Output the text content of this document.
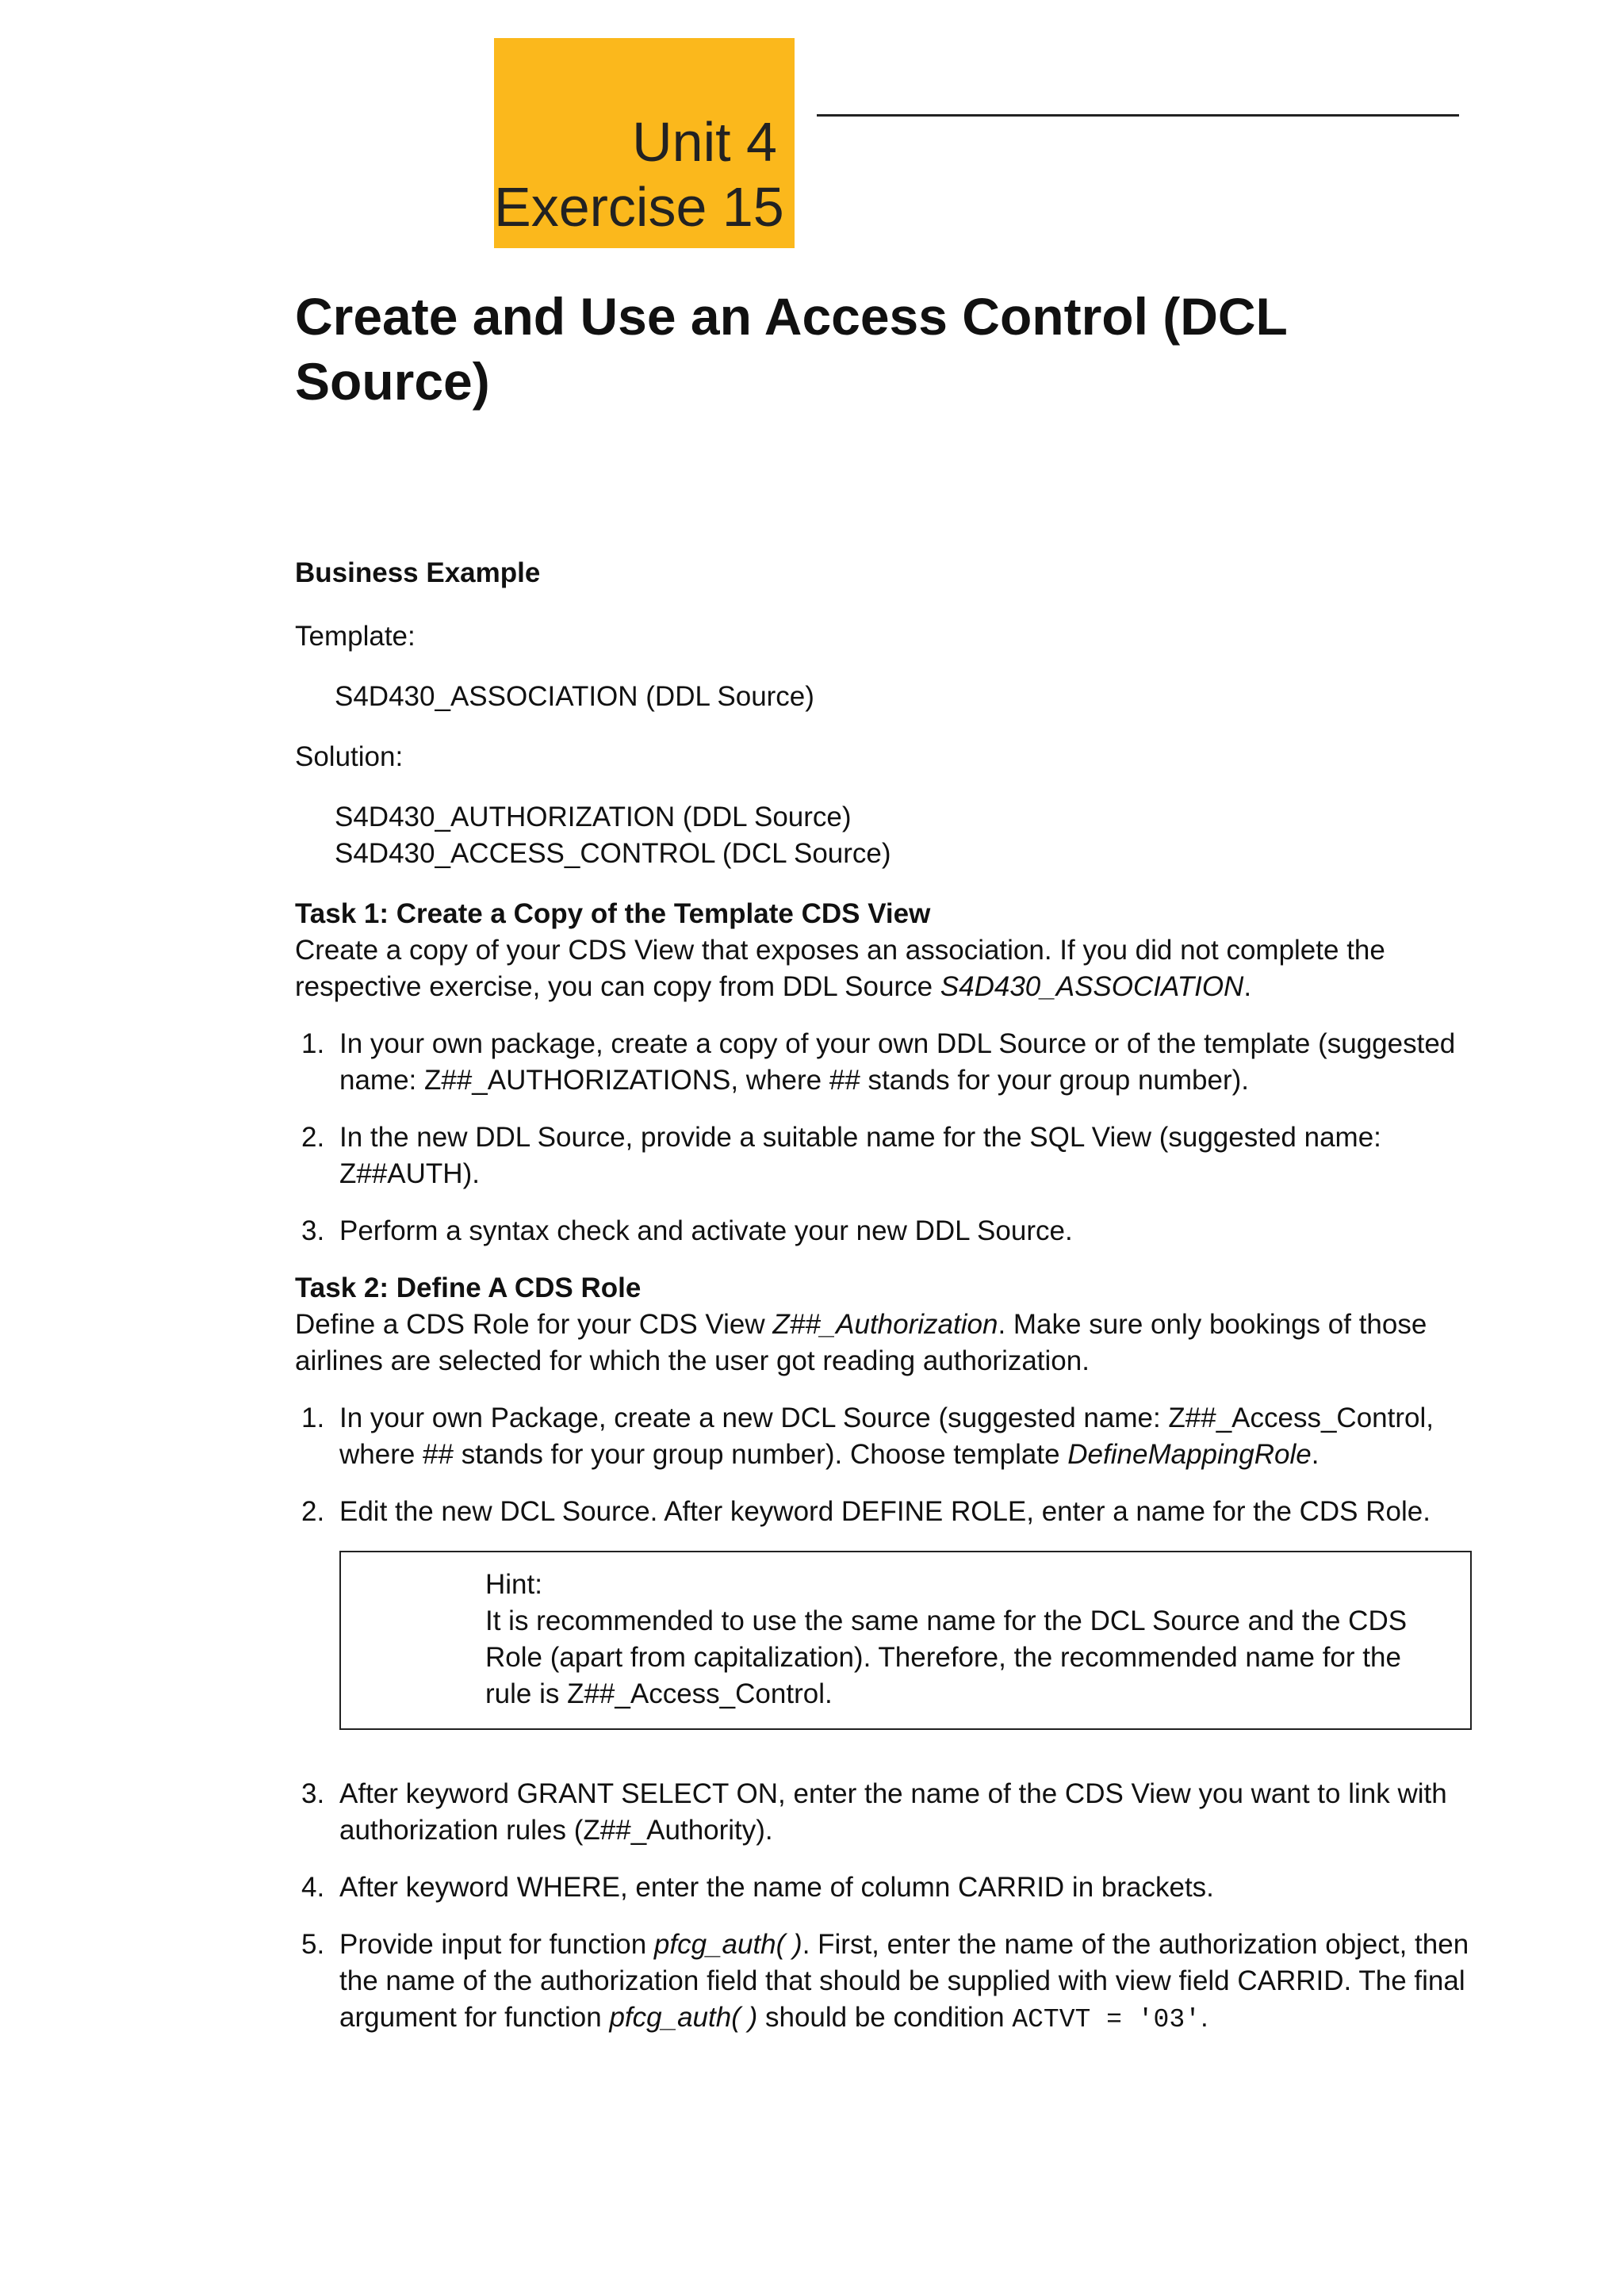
Unit 4
Exercise 15
Create and Use an Access Control (DCL Source)

Business Example

Template:

S4D430_ASSOCIATION (DDL Source)

Solution:

S4D430_AUTHORIZATION (DDL Source)

S4D430_ACCESS_CONTROL (DCL Source)

Task 1: Create a Copy of the Template CDS View

Create a copy of your CDS View that exposes an association. If you did not complete the respective exercise, you can copy from DDL Source S4D430_ASSOCIATION.

1. In your own package, create a copy of your own DDL Source or of the template (suggested name: Z##_AUTHORIZATIONS, where ## stands for your group number).
2. In the new DDL Source, provide a suitable name for the SQL View (suggested name: Z##AUTH).
3. Perform a syntax check and activate your new DDL Source.

Task 2: Define A CDS Role

Define a CDS Role for your CDS View Z##_Authorization. Make sure only bookings of those airlines are selected for which the user got reading authorization.

1. In your own Package, create a new DCL Source (suggested name: Z##_Access_Control, where ## stands for your group number). Choose template DefineMappingRole.
2. Edit the new DCL Source. After keyword DEFINE ROLE, enter a name for the CDS Role.

Hint:

It is recommended to use the same name for the DCL Source and the CDS Role (apart from capitalization). Therefore, the recommended name for the rule is Z##_Access_Control.

3. After keyword GRANT SELECT ON, enter the name of the CDS View you want to link with authorization rules (Z##_Authority).
4. After keyword WHERE, enter the name of column CARRID in brackets.
5. Provide input for function pfcg_auth( ). First, enter the name of the authorization object, then the name of the authorization field that should be supplied with view field CARRID. The final argument for function pfcg_auth( ) should be condition ACTVT = '03'.
